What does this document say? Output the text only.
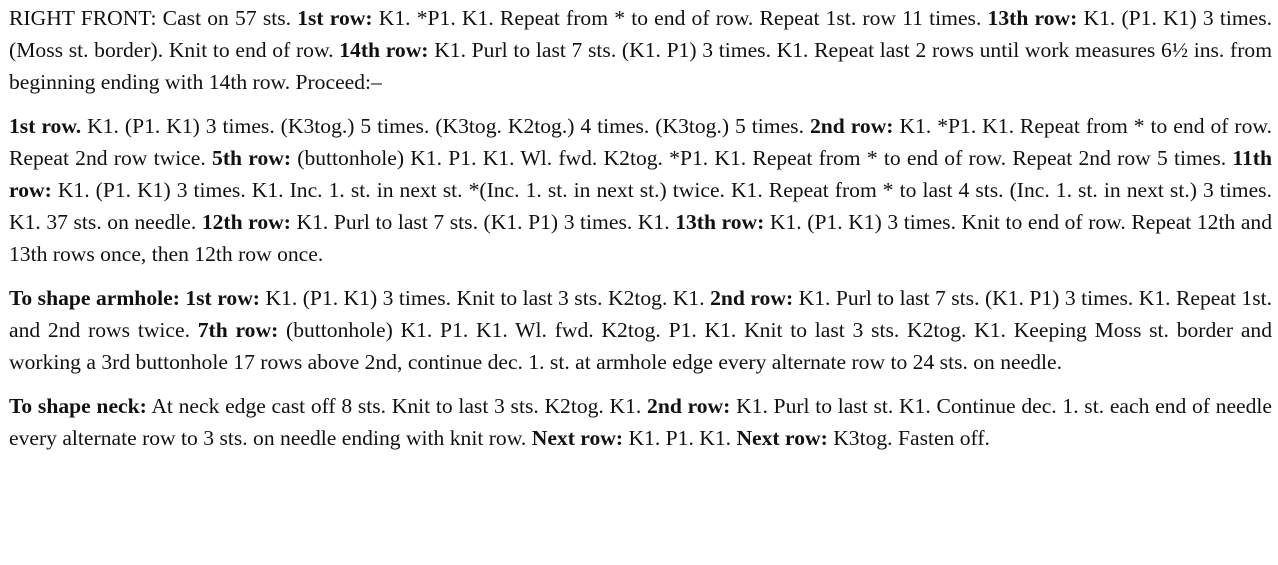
RIGHT FRONT: Cast on 57 sts. 1st row: K1. *P1. K1. Repeat from * to end of row. Repeat 1st. row 11 times. 13th row: K1. (P1. K1) 3 times. (Moss st. border). Knit to end of row. 14th row: K1. Purl to last 7 sts. (K1. P1) 3 times. K1. Repeat last 2 rows until work measures 6½ ins. from beginning ending with 14th row. Proceed:–

1st row. K1. (P1. K1) 3 times. (K3tog.) 5 times. (K3tog. K2tog.) 4 times. (K3tog.) 5 times. 2nd row: K1. *P1. K1. Repeat from * to end of row. Repeat 2nd row twice. 5th row: (buttonhole) K1. P1. K1. Wl. fwd. K2tog. *P1. K1. Repeat from * to end of row. Repeat 2nd row 5 times. 11th row: K1. (P1. K1) 3 times. K1. Inc. 1. st. in next st. *(Inc. 1. st. in next st.) twice. K1. Repeat from * to last 4 sts. (Inc. 1. st. in next st.) 3 times. K1. 37 sts. on needle. 12th row: K1. Purl to last 7 sts. (K1. P1) 3 times. K1. 13th row: K1. (P1. K1) 3 times. Knit to end of row. Repeat 12th and 13th rows once, then 12th row once.

To shape armhole: 1st row: K1. (P1. K1) 3 times. Knit to last 3 sts. K2tog. K1. 2nd row: K1. Purl to last 7 sts. (K1. P1) 3 times. K1. Repeat 1st. and 2nd rows twice. 7th row: (buttonhole) K1. P1. K1. Wl. fwd. K2tog. P1. K1. Knit to last 3 sts. K2tog. K1. Keeping Moss st. border and working a 3rd buttonhole 17 rows above 2nd, continue dec. 1. st. at armhole edge every alternate row to 24 sts. on needle.

To shape neck: At neck edge cast off 8 sts. Knit to last 3 sts. K2tog. K1. 2nd row: K1. Purl to last st. K1. Continue dec. 1. st. each end of needle every alternate row to 3 sts. on needle ending with knit row. Next row: K1. P1. K1. Next row: K3tog. Fasten off.
